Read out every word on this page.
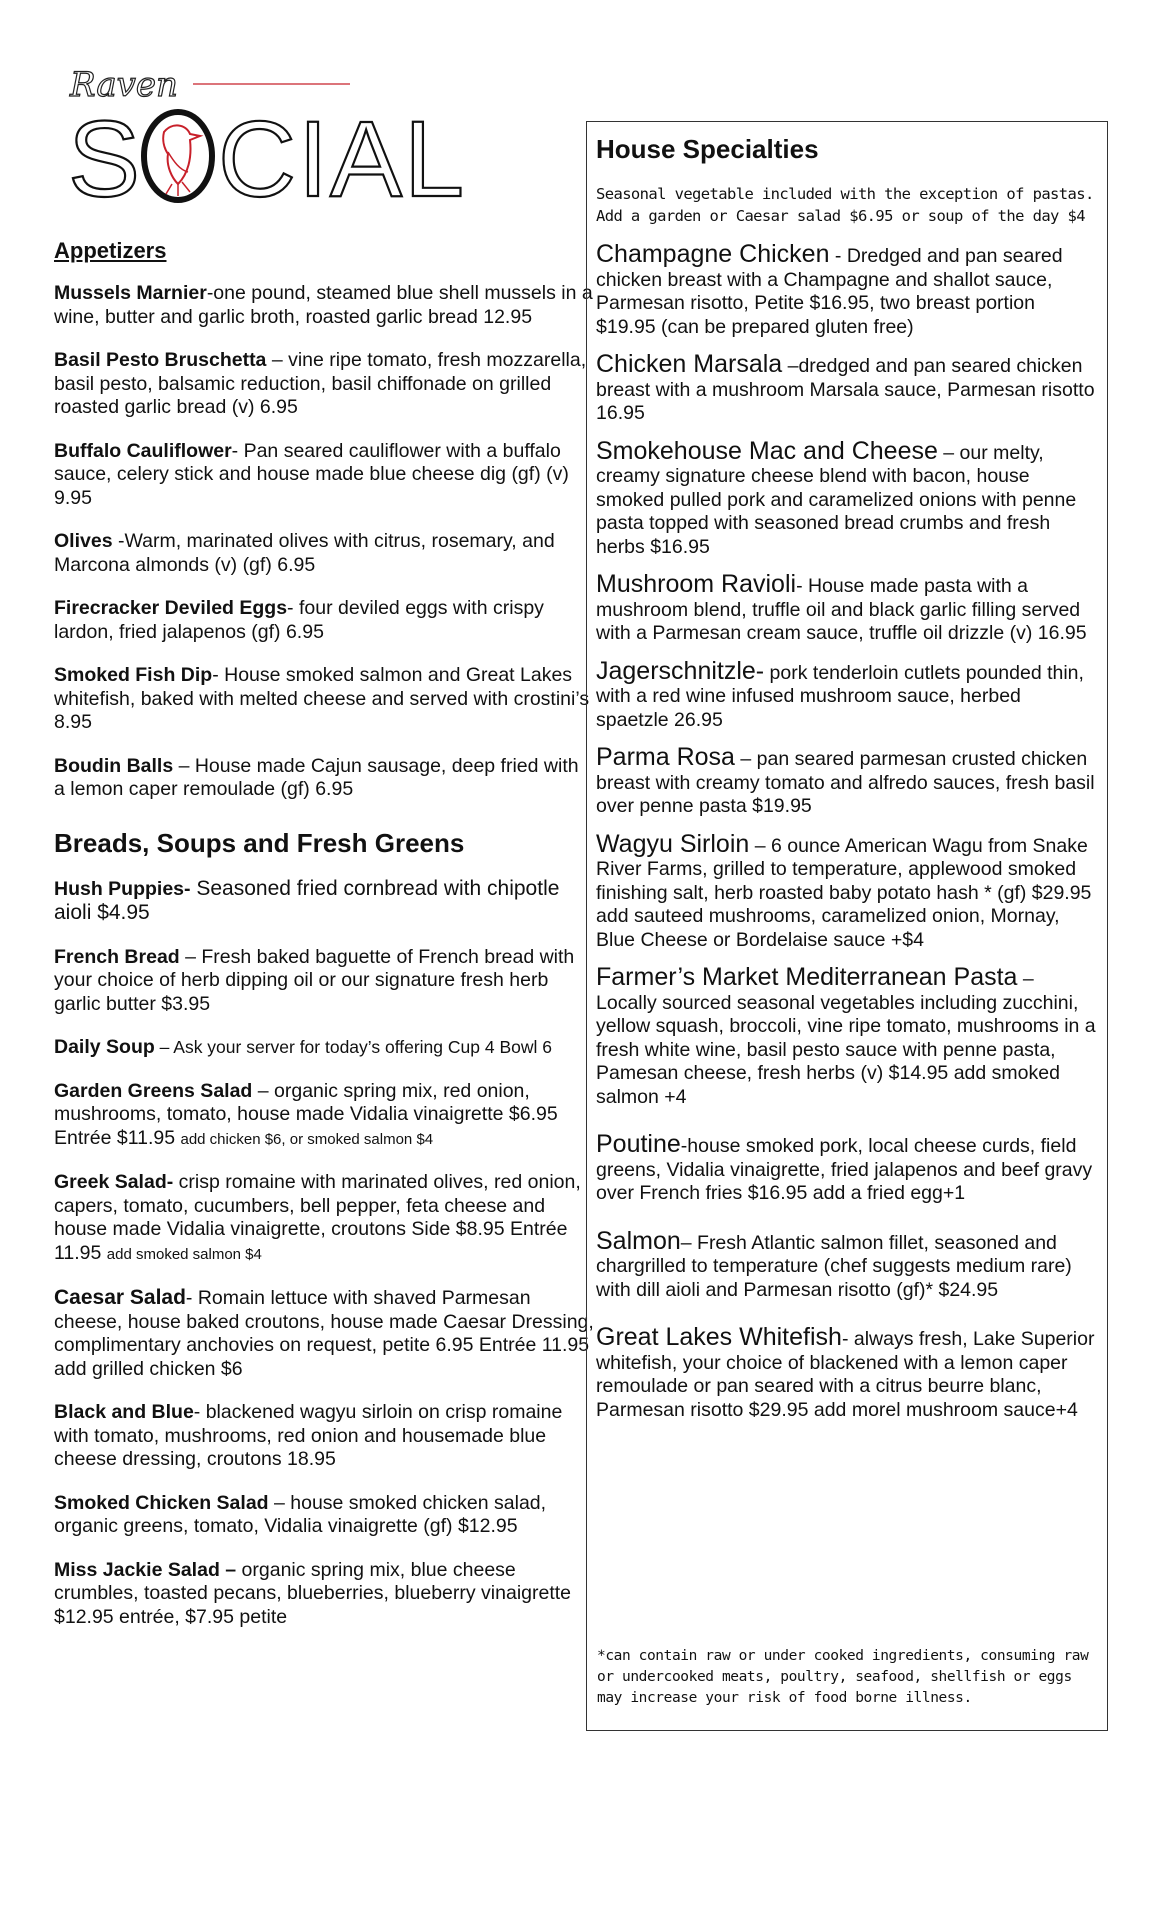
Raven
S CIAL
Appetizers
Mussels Marnier-one pound, steamed blue shell mussels in a wine, butter and garlic broth, roasted garlic bread 12.95
Basil Pesto Bruschetta – vine ripe tomato, fresh mozzarella, basil pesto, balsamic reduction, basil chiffonade on grilled roasted garlic bread (v) 6.95
Buffalo Cauliflower- Pan seared cauliflower with a buffalo sauce, celery stick and house made blue cheese dig (gf) (v) 9.95
Olives -Warm, marinated olives with citrus, rosemary, and Marcona almonds (v) (gf) 6.95
Firecracker Deviled Eggs- four deviled eggs with crispy lardon, fried jalapenos (gf) 6.95
Smoked Fish Dip- House smoked salmon and Great Lakes whitefish, baked with melted cheese and served with crostini’s 8.95
Boudin Balls – House made Cajun sausage, deep fried with a lemon caper remoulade (gf) 6.95
Breads, Soups and Fresh Greens
Hush Puppies- Seasoned fried cornbread with chipotle aioli $4.95
French Bread – Fresh baked baguette of French bread with your choice of herb dipping oil or our signature fresh herb garlic butter $3.95
Daily Soup – Ask your server for today’s offering Cup 4 Bowl 6
Garden Greens Salad – organic spring mix, red onion, mushrooms, tomato, house made Vidalia vinaigrette $6.95 Entrée $11.95 add chicken $6, or smoked salmon $4
Greek Salad- crisp romaine with marinated olives, red onion, capers, tomato, cucumbers, bell pepper, feta cheese and house made Vidalia vinaigrette, croutons Side $8.95 Entrée 11.95 add smoked salmon $4
Caesar Salad- Romain lettuce with shaved Parmesan cheese, house baked croutons, house made Caesar Dressing, complimentary anchovies on request, petite 6.95 Entrée 11.95 add grilled chicken $6
Black and Blue- blackened wagyu sirloin on crisp romaine with tomato, mushrooms, red onion and housemade blue cheese dressing, croutons 18.95
Smoked Chicken Salad – house smoked chicken salad, organic greens, tomato, Vidalia vinaigrette (gf) $12.95
Miss Jackie Salad – organic spring mix, blue cheese crumbles, toasted pecans, blueberries, blueberry vinaigrette $12.95 entrée, $7.95 petite
House Specialties
Seasonal vegetable included with the exception of pastas. Add a garden or Caesar salad $6.95 or soup of the day $4
Champagne Chicken - Dredged and pan seared chicken breast with a Champagne and shallot sauce, Parmesan risotto, Petite $16.95, two breast portion $19.95 (can be prepared gluten free)
Chicken Marsala –dredged and pan seared chicken breast with a mushroom Marsala sauce, Parmesan risotto 16.95
Smokehouse Mac and Cheese – our melty, creamy signature cheese blend with bacon, house smoked pulled pork and caramelized onions with penne pasta topped with seasoned bread crumbs and fresh herbs $16.95
Mushroom Ravioli- House made pasta with a mushroom blend, truffle oil and black garlic filling served with a Parmesan cream sauce, truffle oil drizzle (v) 16.95
Jagerschnitzle- pork tenderloin cutlets pounded thin, with a red wine infused mushroom sauce, herbed spaetzle 26.95
Parma Rosa – pan seared parmesan crusted chicken breast with creamy tomato and alfredo sauces, fresh basil over penne pasta $19.95
Wagyu Sirloin – 6 ounce American Wagu from Snake River Farms, grilled to temperature, applewood smoked finishing salt, herb roasted baby potato hash * (gf) $29.95 add sauteed mushrooms, caramelized onion, Mornay, Blue Cheese or Bordelaise sauce +$4
Farmer’s Market Mediterranean Pasta – Locally sourced seasonal vegetables including zucchini, yellow squash, broccoli, vine ripe tomato, mushrooms in a fresh white wine, basil pesto sauce with penne pasta, Pamesan cheese, fresh herbs (v) $14.95 add smoked salmon +4
Poutine-house smoked pork, local cheese curds, field greens, Vidalia vinaigrette, fried jalapenos and beef gravy over French fries $16.95 add a fried egg+1
Salmon– Fresh Atlantic salmon fillet, seasoned and chargrilled to temperature (chef suggests medium rare) with dill aioli and Parmesan risotto (gf)* $24.95
Great Lakes Whitefish- always fresh, Lake Superior whitefish, your choice of blackened with a lemon caper remoulade or pan seared with a citrus beurre blanc, Parmesan risotto $29.95 add morel mushroom sauce+4
*can contain raw or under cooked ingredients, consuming raw or undercooked meats, poultry, seafood, shellfish or eggs may increase your risk of food borne illness.
